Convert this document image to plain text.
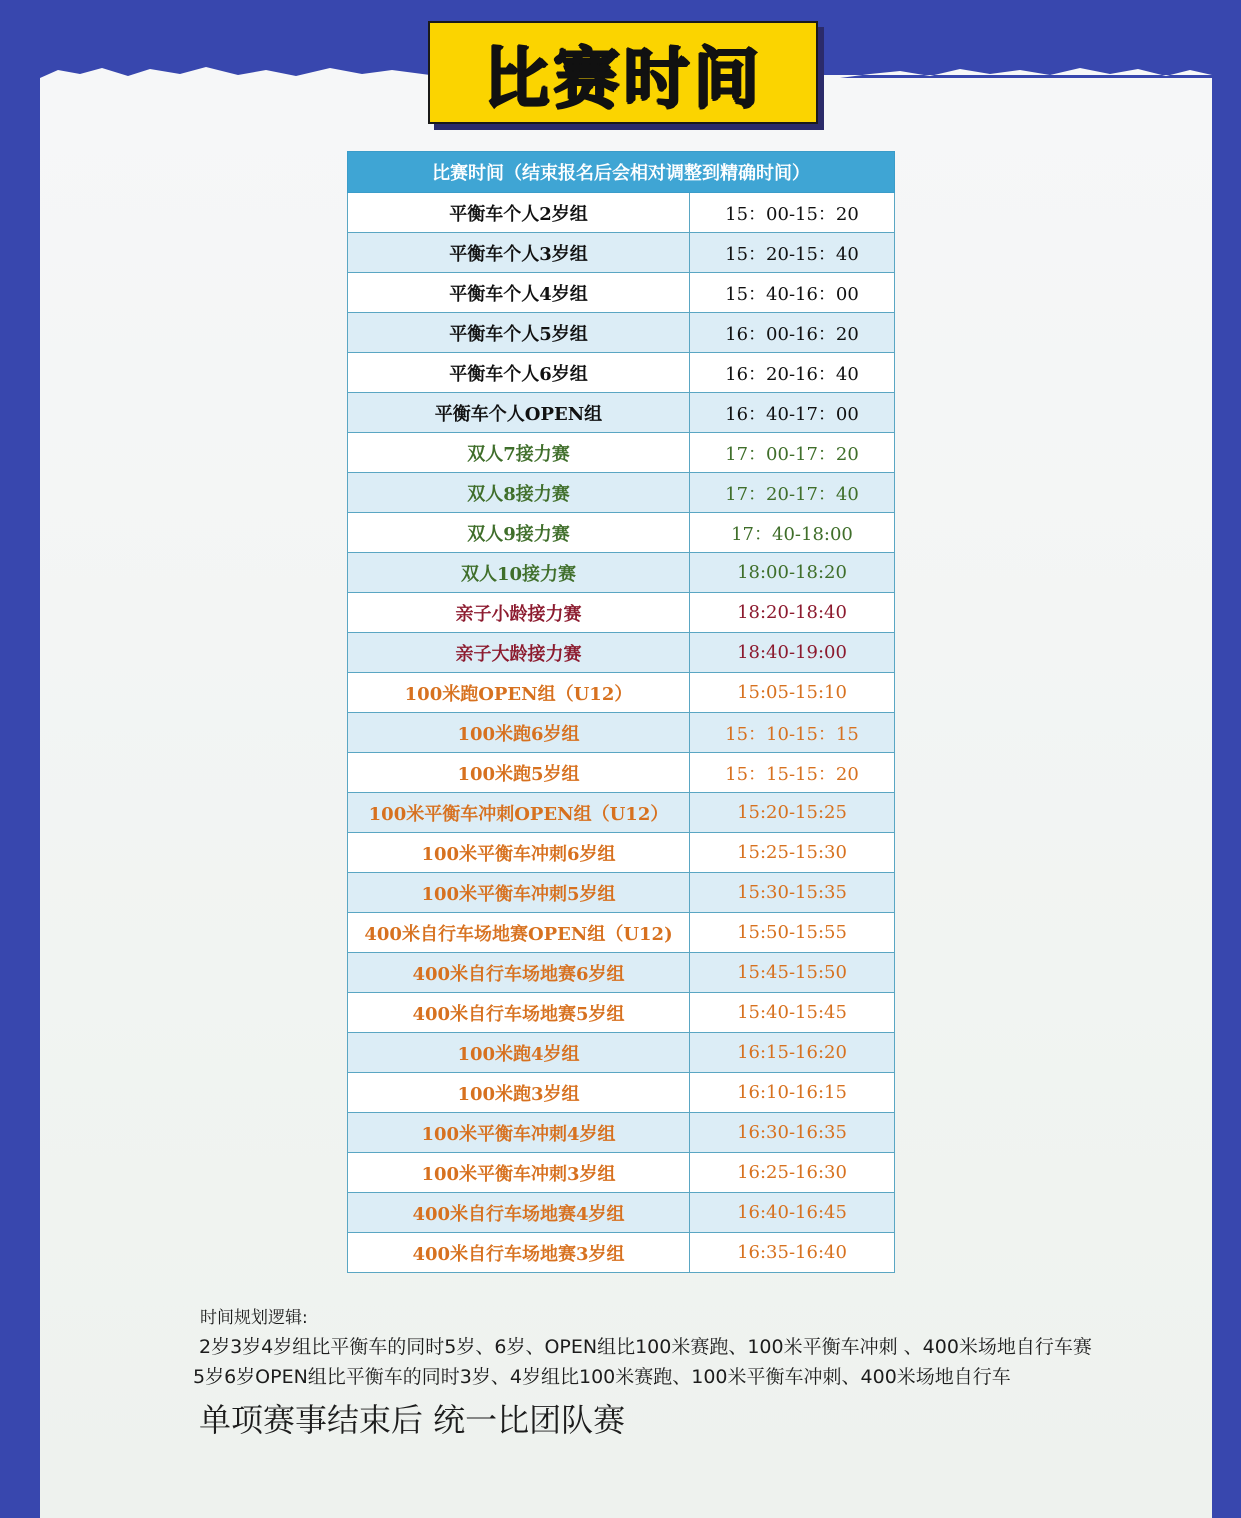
比赛时间
比赛时间（结束报名后会相对调整到精确时间）	
平衡车个人2岁组	15：00-15：20
平衡车个人3岁组	15：20-15：40
平衡车个人4岁组	15：40-16：00
平衡车个人5岁组	16：00-16：20
平衡车个人6岁组	16：20-16：40
平衡车个人OPEN组	16：40-17：00
双人7接力赛	17：00-17：20
双人8接力赛	17：20-17：40
双人9接力赛	17：40-18:00
双人10接力赛	18:00-18:20
亲子小龄接力赛	18:20-18:40
亲子大龄接力赛	18:40-19:00
100米跑OPEN组（U12）	15:05-15:10
100米跑6岁组	15：10-15：15
100米跑5岁组	15：15-15：20
100米平衡车冲刺OPEN组（U12）	15:20-15:25
100米平衡车冲刺6岁组	15:25-15:30
100米平衡车冲刺5岁组	15:30-15:35
400米自行车场地赛OPEN组（U12)	15:50-15:55
400米自行车场地赛6岁组	15:45-15:50
400米自行车场地赛5岁组	15:40-15:45
100米跑4岁组	16:15-16:20
100米跑3岁组	16:10-16:15
100米平衡车冲刺4岁组	16:30-16:35
100米平衡车冲刺3岁组	16:25-16:30
400米自行车场地赛4岁组	16:40-16:45
400米自行车场地赛3岁组	16:35-16:40
时间规划逻辑:
2岁3岁4岁组比平衡车的同时5岁、6岁、OPEN组比100米赛跑、100米平衡车冲刺 、400米场地自行车赛
5岁6岁OPEN组比平衡车的同时3岁、4岁组比100米赛跑、100米平衡车冲刺、400米场地自行车
单项赛事结束后 统一比团队赛
